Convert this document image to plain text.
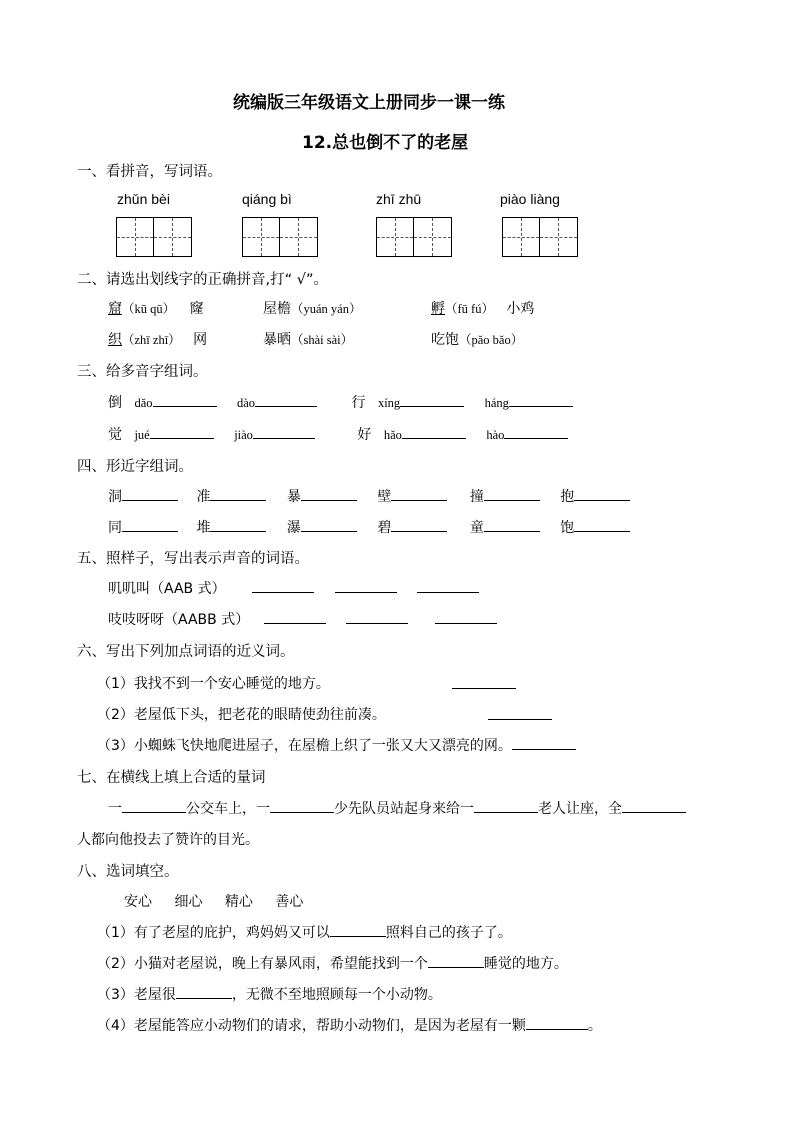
统编版三年级语文上册同步一课一练
12.总也倒不了的老屋
一、看拼音，写词语。
zhǔn bèi	qiáng bì	zhī zhū	piào liàng
二、请选出划线字的正确拼音,打“ √”。
窟（kū qū） 窿	屋檐（yuán yán）	孵（fū fú） 小鸡
织（zhī zhī） 网	暴晒（shài sài）	吃饱（pǎo bǎo）
三、给多音字组词。
倒 dǎo	dào	行 xíng	háng
觉 jué	jiào	好 hǎo	hào
四、形近字组词。
洞	准	暴	壁	撞	抱
同	堆	瀑	碧	童	饱
五、照样子，写出表示声音的词语。
叽叽叫（AAB 式）
吱吱呀呀（AABB 式）
六、写出下列加点词语的近义词。
（1）我找不到一个安心睡觉的地方。
（2）老屋低下头，把老花的眼睛使劲往前凑。
（3）小蜘蛛飞快地爬进屋子，在屋檐上织了一张又大又漂亮的网。
七、在横线上填上合适的量词
一	公交车上，一	少先队员站起身来给一	老人让座，全
人都向他投去了赞许的目光。
八、选词填空。
安心 细心 精心 善心
（1）有了老屋的庇护，鸡妈妈又可以	照料自己的孩子了。
（2）小猫对老屋说，晚上有暴风雨，希望能找到一个	睡觉的地方。
（3）老屋很	，无微不至地照顾每一个小动物。
（4）老屋能答应小动物们的请求，帮助小动物们，是因为老屋有一颗	。
